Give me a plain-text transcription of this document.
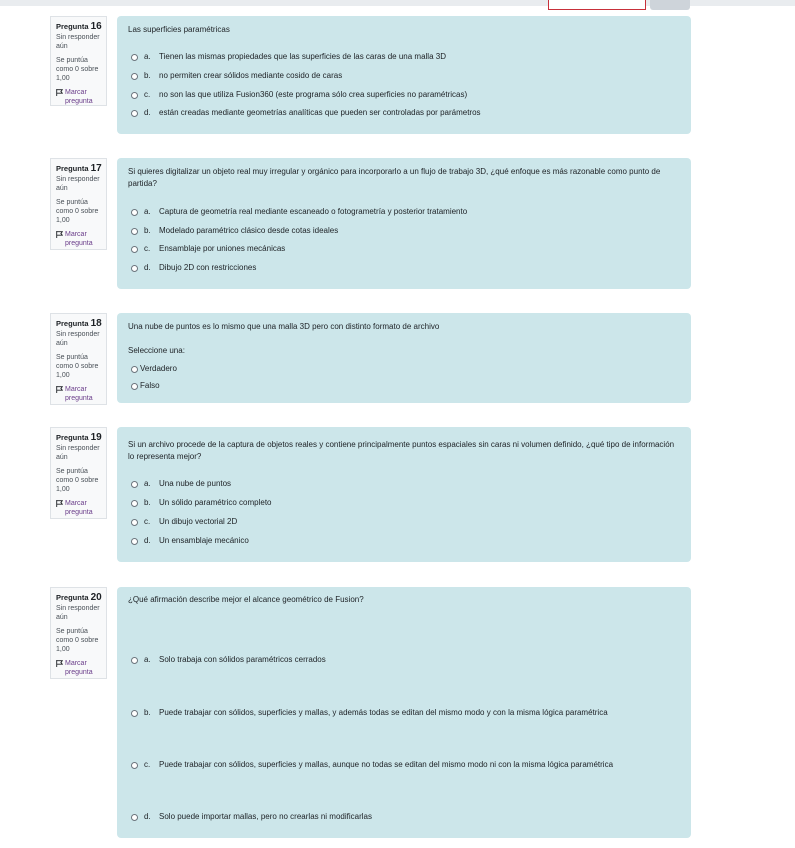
Pregunta 16
Sin responder aún
Se puntúa como 0 sobre 1,00
Marcar pregunta
Las superficies paramétricas
a.	Tienen las mismas propiedades que las superficies de las caras de una malla 3D
b.	no permiten crear sólidos mediante cosido de caras
c.	no son las que utiliza Fusion360 (este programa sólo crea superficies no paramétricas)
d.	están creadas mediante geometrías analíticas que pueden ser controladas por parámetros
Pregunta 17
Sin responder aún
Se puntúa como 0 sobre 1,00
Marcar pregunta
Si quieres digitalizar un objeto real muy irregular y orgánico para incorporarlo a un flujo de trabajo 3D, ¿qué enfoque es más razonable como punto de partida?
a.	Captura de geometría real mediante escaneado o fotogrametría y posterior tratamiento
b.	Modelado paramétrico clásico desde cotas ideales
c.	Ensamblaje por uniones mecánicas
d.	Dibujo 2D con restricciones
Pregunta 18
Sin responder aún
Se puntúa como 0 sobre 1,00
Marcar pregunta
Una nube de puntos es lo mismo que una malla 3D pero con distinto formato de archivo
Seleccione una:
Verdadero
Falso
Pregunta 19
Sin responder aún
Se puntúa como 0 sobre 1,00
Marcar pregunta
Si un archivo procede de la captura de objetos reales y contiene principalmente puntos espaciales sin caras ni volumen definido, ¿qué tipo de información lo representa mejor?
a.	Una nube de puntos
b.	Un sólido paramétrico completo
c.	Un dibujo vectorial 2D
d.	Un ensamblaje mecánico
Pregunta 20
Sin responder aún
Se puntúa como 0 sobre 1,00
Marcar pregunta
¿Qué afirmación describe mejor el alcance geométrico de Fusion?
a.	Solo trabaja con sólidos paramétricos cerrados
b.	Puede trabajar con sólidos, superficies y mallas, y además todas se editan del mismo modo y con la misma lógica paramétrica
c.	Puede trabajar con sólidos, superficies y mallas, aunque no todas se editan del mismo modo ni con la misma lógica paramétrica
d.	Solo puede importar mallas, pero no crearlas ni modificarlas
